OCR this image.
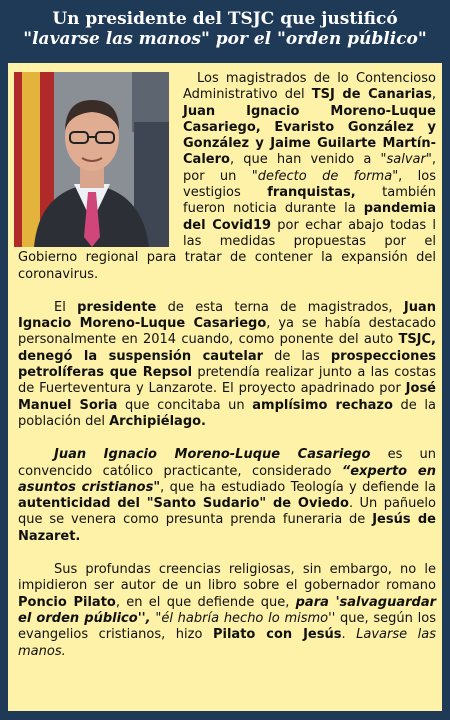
Un presidente del TSJC que justificó
"lavarse las manos" por el "orden público"

Los magistrados de lo Contencioso Administrativo del TSJ de Canarias, Juan Ignacio Moreno-Luque Casariego, Evaristo González y González y Jaime Guilarte Martín-Calero, que han venido a "salvar", por un "defecto de forma", los vestigios franquistas, también fueron noticia durante la pandemia del Covid19 por echar abajo todas l las medidas propuestas por el Gobierno regional para tratar de contener la expansión del coronavirus.

El presidente de esta terna de magistrados, Juan Ignacio Moreno-Luque Casariego, ya se había destacado personalmente en 2014 cuando, como ponente del auto TSJC, denegó la suspensión cautelar de las prospecciones petrolíferas que Repsol pretendía realizar junto a las costas de Fuerteventura y Lanzarote. El proyecto apadrinado por José Manuel Soria que concitaba un amplísimo rechazo de la población del Archipiélago.

Juan Ignacio Moreno-Luque Casariego es un convencido católico practicante, considerado “experto en asuntos cristianos", que ha estudiado Teología y defiende la autenticidad del "Santo Sudario" de Oviedo. Un pañuelo que se venera como presunta prenda funeraria de Jesús de Nazaret.

Sus profundas creencias religiosas, sin embargo, no le impidieron ser autor de un libro sobre el gobernador romano Poncio Pilato, en el que defiende que, para 'salvaguardar el orden público'', "él habría hecho lo mismo'' que, según los evangelios cristianos, hizo Pilato con Jesús. Lavarse las manos.
